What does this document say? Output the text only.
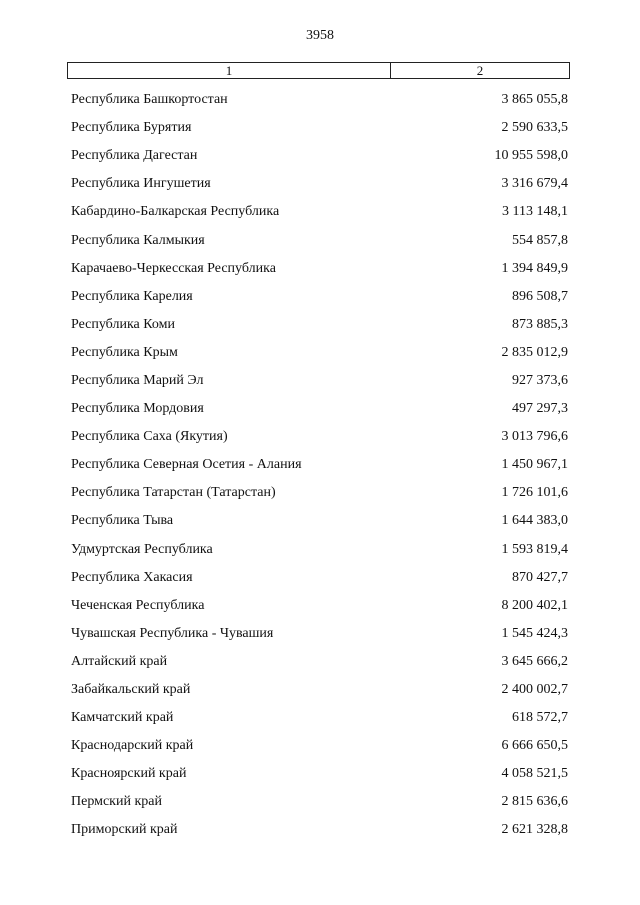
3958
1	2
Республика Башкортостан	3 865 055,8
Республика Бурятия	2 590 633,5
Республика Дагестан	10 955 598,0
Республика Ингушетия	3 316 679,4
Кабардино-Балкарская Республика	3 113 148,1
Республика Калмыкия	554 857,8
Карачаево-Черкесская Республика	1 394 849,9
Республика Карелия	896 508,7
Республика Коми	873 885,3
Республика Крым	2 835 012,9
Республика Марий Эл	927 373,6
Республика Мордовия	497 297,3
Республика Саха (Якутия)	3 013 796,6
Республика Северная Осетия - Алания	1 450 967,1
Республика Татарстан (Татарстан)	1 726 101,6
Республика Тыва	1 644 383,0
Удмуртская Республика	1 593 819,4
Республика Хакасия	870 427,7
Чеченская Республика	8 200 402,1
Чувашская Республика - Чувашия	1 545 424,3
Алтайский край	3 645 666,2
Забайкальский край	2 400 002,7
Камчатский край	618 572,7
Краснодарский край	6 666 650,5
Красноярский край	4 058 521,5
Пермский край	2 815 636,6
Приморский край	2 621 328,8
